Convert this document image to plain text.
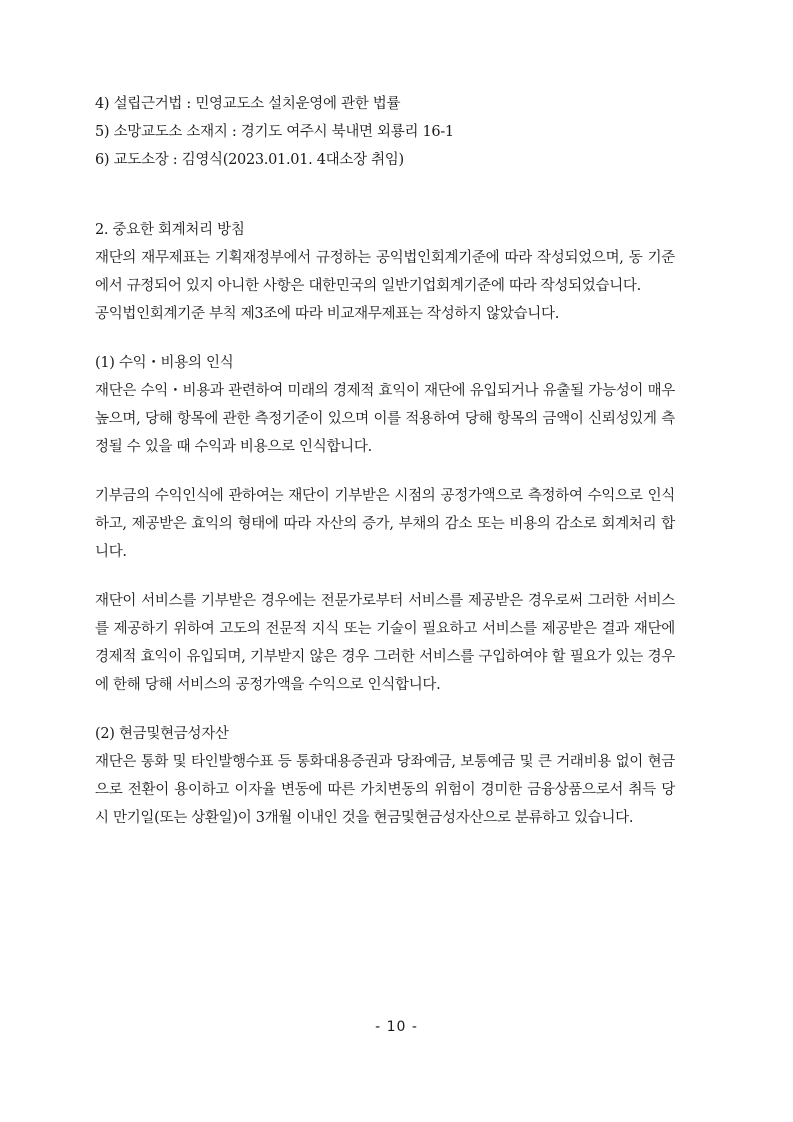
4) 설립근거법 : 민영교도소 설치운영에 관한 법률
5) 소망교도소 소재지 : 경기도 여주시 북내면 외룡리 16-1
6) 교도소장 : 김영식(2023.01.01. 4대소장 취임)
2. 중요한 회계처리 방침

재단의 재무제표는 기획재정부에서 규정하는 공익법인회계기준에 따라 작성되었으며, 동 기준에서 규정되어 있지 아니한 사항은 대한민국의 일반기업회계기준에 따라 작성되었습니다.

공익법인회계기준 부칙 제3조에 따라 비교재무제표는 작성하지 않았습니다.

(1) 수익・비용의 인식

재단은 수익・비용과 관련하여 미래의 경제적 효익이 재단에 유입되거나 유출될 가능성이 매우 높으며, 당해 항목에 관한 측정기준이 있으며 이를 적용하여 당해 항목의 금액이 신뢰성있게 측정될 수 있을 때 수익과 비용으로 인식합니다.

기부금의 수익인식에 관하여는 재단이 기부받은 시점의 공정가액으로 측정하여 수익으로 인식하고, 제공받은 효익의 형태에 따라 자산의 증가, 부채의 감소 또는 비용의 감소로 회계처리 합니다.

재단이 서비스를 기부받은 경우에는 전문가로부터 서비스를 제공받은 경우로써 그러한 서비스를 제공하기 위하여 고도의 전문적 지식 또는 기술이 필요하고 서비스를 제공받은 결과 재단에 경제적 효익이 유입되며, 기부받지 않은 경우 그러한 서비스를 구입하여야 할 필요가 있는 경우에 한해 당해 서비스의 공정가액을 수익으로 인식합니다.

(2) 현금및현금성자산

재단은 통화 및 타인발행수표 등 통화대용증권과 당좌예금, 보통예금 및 큰 거래비용 없이 현금으로 전환이 용이하고 이자율 변동에 따른 가치변동의 위험이 경미한 금융상품으로서 취득 당시 만기일(또는 상환일)이 3개월 이내인 것을 현금및현금성자산으로 분류하고 있습니다.

- 10 -
